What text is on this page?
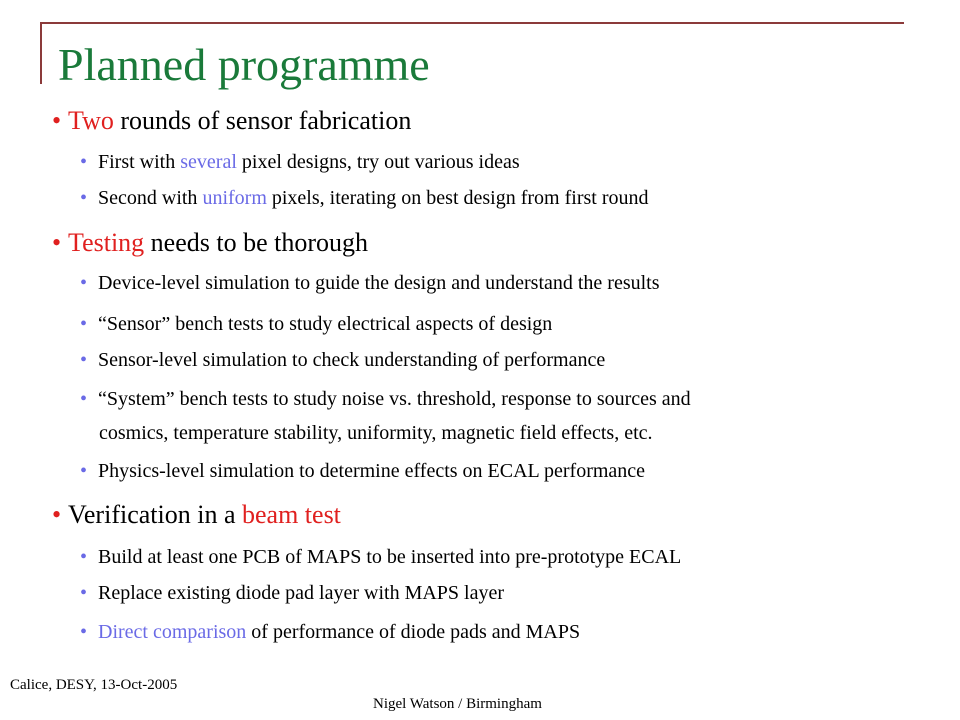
Planned programme
• Two rounds of sensor fabrication
• First with several pixel designs, try out various ideas
• Second with uniform pixels, iterating on best design from first round
• Testing needs to be thorough
• Device-level simulation to guide the design and understand the results
• “Sensor” bench tests to study electrical aspects of design
• Sensor-level simulation to check understanding of performance
• “System” bench tests to study noise vs. threshold, response to sources and
cosmics, temperature stability, uniformity, magnetic field effects, etc.
• Physics-level simulation to determine effects on ECAL performance
• Verification in a beam test
• Build at least one PCB of MAPS to be inserted into pre-prototype ECAL
• Replace existing diode pad layer with MAPS layer
• Direct comparison of performance of diode pads and MAPS
Calice, DESY, 13-Oct-2005
Nigel Watson / Birmingham
